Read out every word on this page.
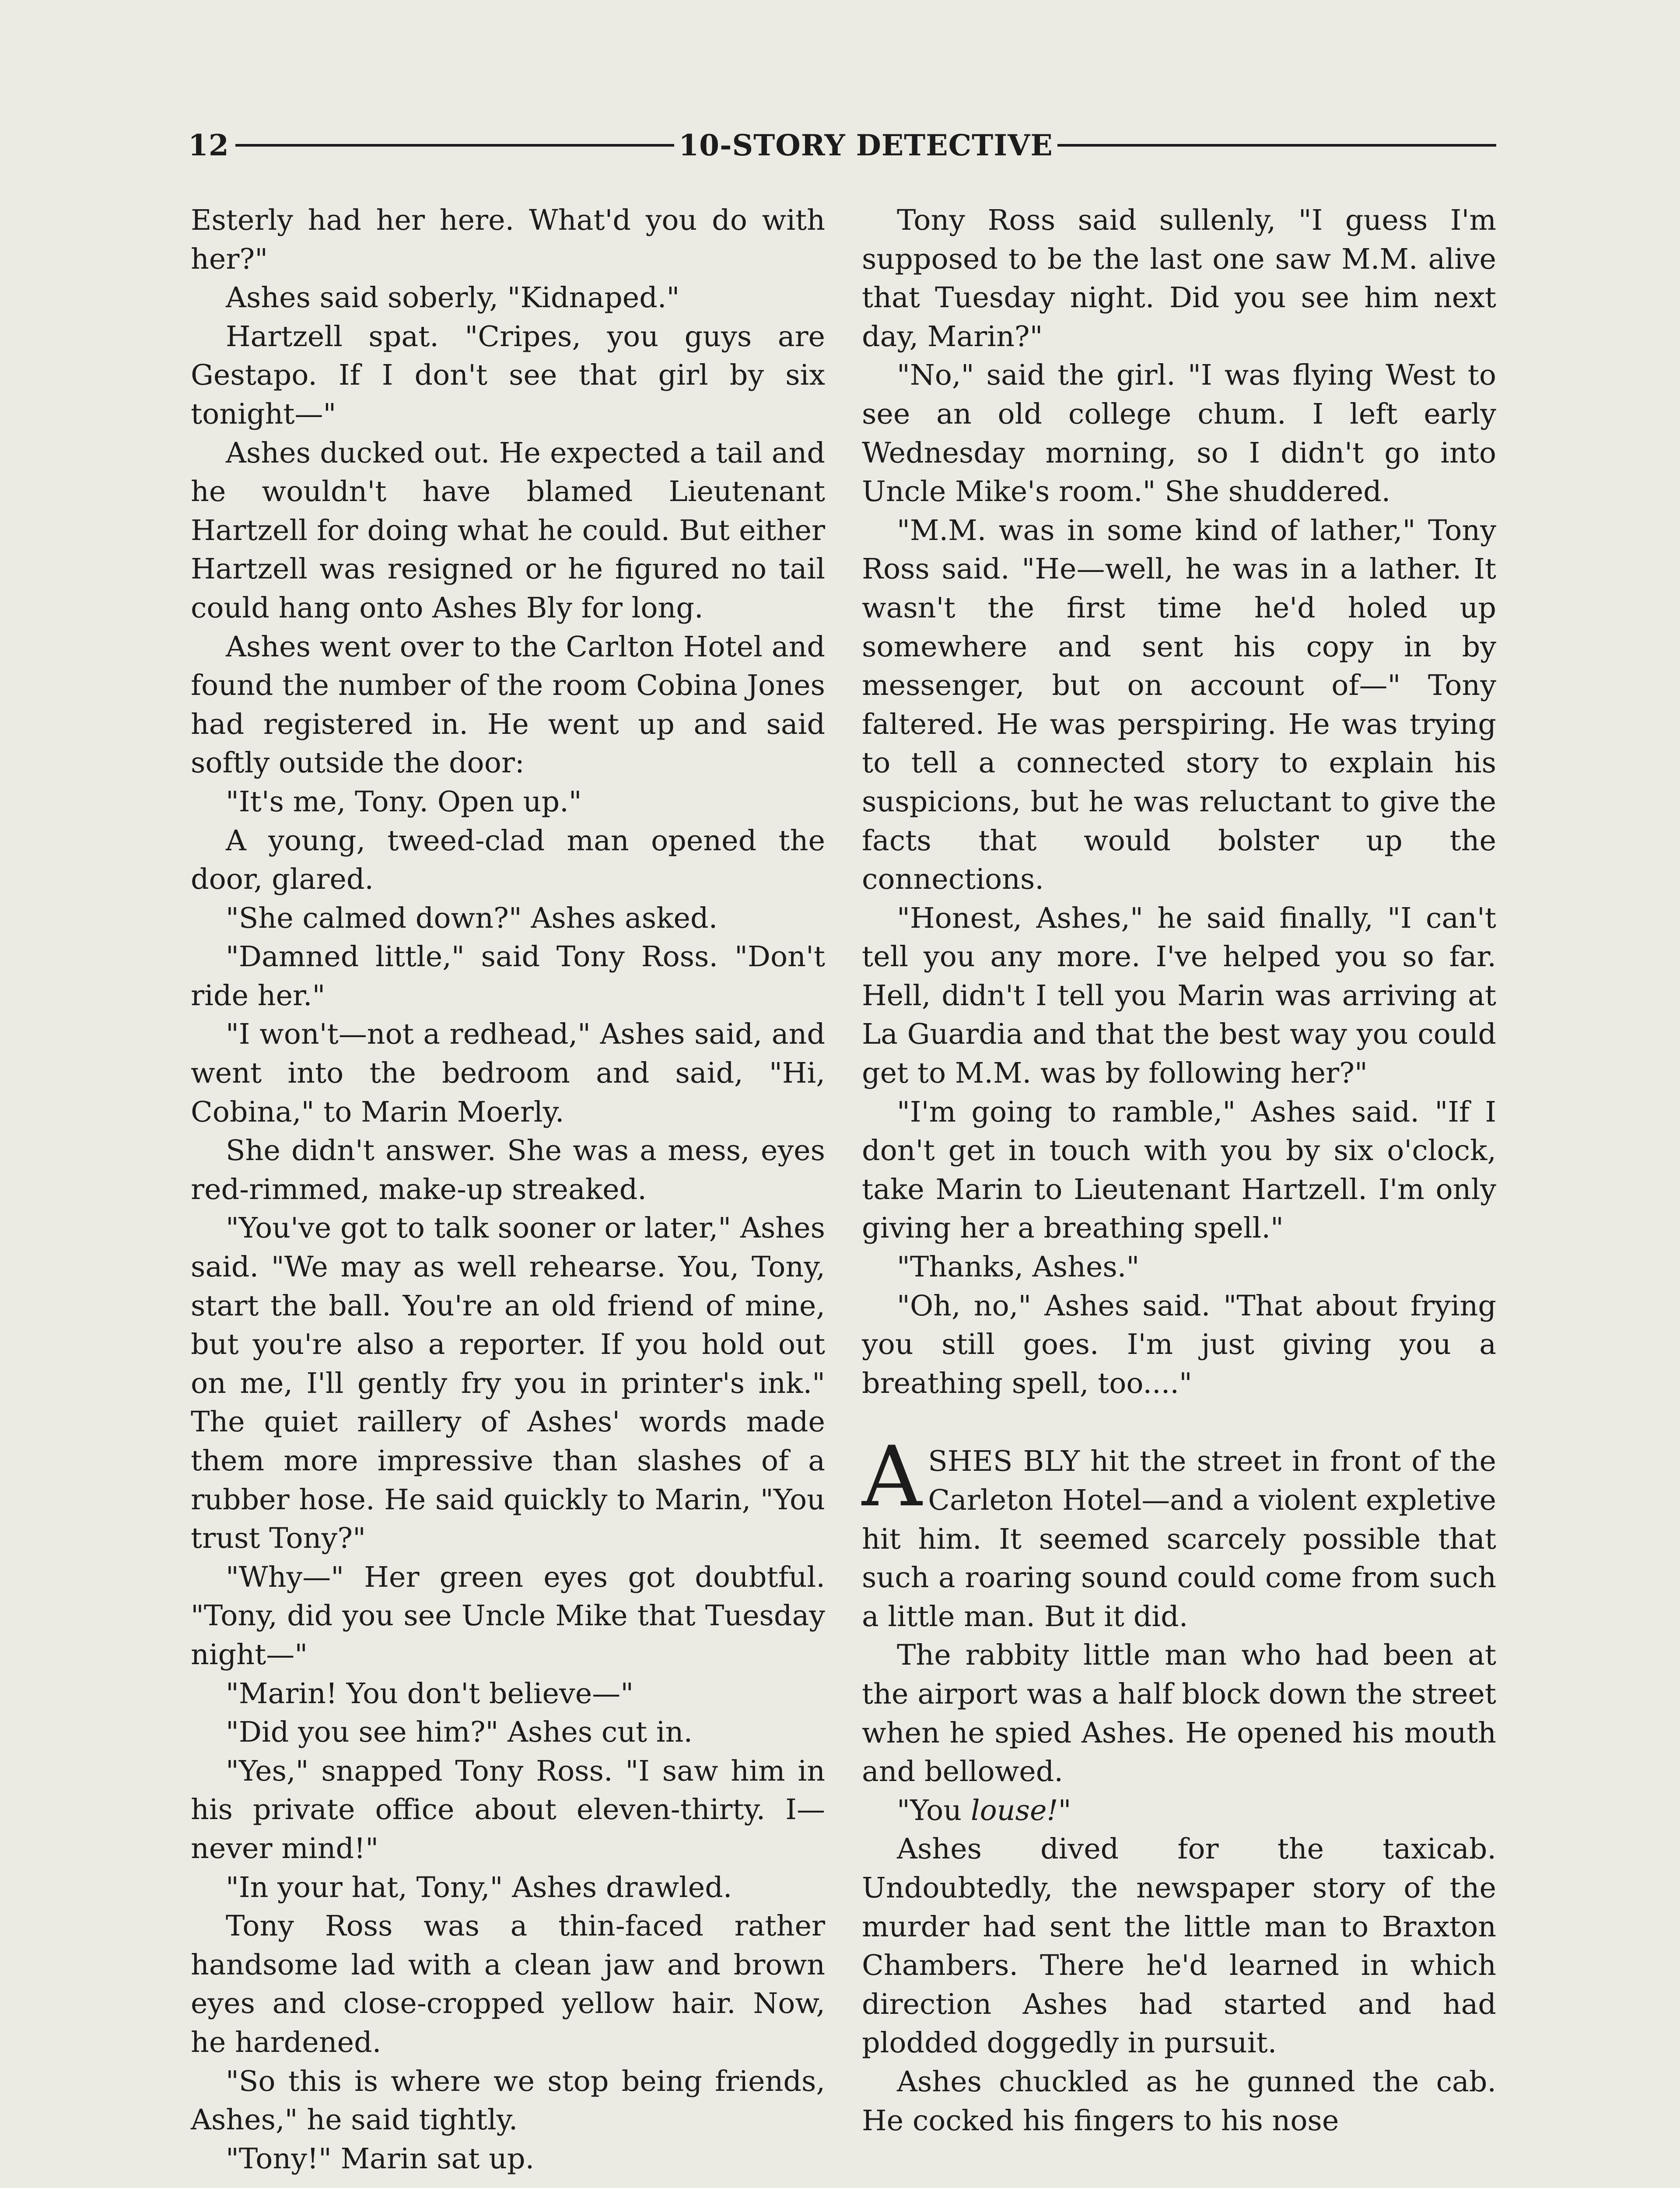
12	10-STORY DETECTIVE

Esterly had her here. What'd you do with her?"

Ashes said soberly, "Kidnaped."

Hartzell spat. "Cripes, you guys are Gestapo. If I don't see that girl by six tonight—"

Ashes ducked out. He expected a tail and he wouldn't have blamed Lieutenant Hartzell for doing what he could. But either Hartzell was resigned or he figured no tail could hang onto Ashes Bly for long.

Ashes went over to the Carlton Hotel and found the number of the room Cobina Jones had registered in. He went up and said softly outside the door:

"It's me, Tony. Open up."

A young, tweed-clad man opened the door, glared.

"She calmed down?" Ashes asked.

"Damned little," said Tony Ross. "Don't ride her."

"I won't—not a redhead," Ashes said, and went into the bedroom and said, "Hi, Cobina," to Marin Moerly.

She didn't answer. She was a mess, eyes red-rimmed, make-up streaked.

"You've got to talk sooner or later," Ashes said. "We may as well rehearse. You, Tony, start the ball. You're an old friend of mine, but you're also a reporter. If you hold out on me, I'll gently fry you in printer's ink." The quiet raillery of Ashes' words made them more impressive than slashes of a rubber hose. He said quickly to Marin, "You trust Tony?"

"Why—" Her green eyes got doubtful. "Tony, did you see Uncle Mike that Tuesday night—"

"Marin! You don't believe—"

"Did you see him?" Ashes cut in.

"Yes," snapped Tony Ross. "I saw him in his private office about eleven-thirty. I—never mind!"

"In your hat, Tony," Ashes drawled.

Tony Ross was a thin-faced rather handsome lad with a clean jaw and brown eyes and close-cropped yellow hair. Now, he hardened.

"So this is where we stop being friends, Ashes," he said tightly.

"Tony!" Marin sat up.

Tony Ross said sullenly, "I guess I'm supposed to be the last one saw M.M. alive that Tuesday night. Did you see him next day, Marin?"

"No," said the girl. "I was flying West to see an old college chum. I left early Wednesday morning, so I didn't go into Uncle Mike's room." She shuddered.

"M.M. was in some kind of lather," Tony Ross said. "He—well, he was in a lather. It wasn't the first time he'd holed up somewhere and sent his copy in by messenger, but on account of—" Tony faltered. He was perspiring. He was trying to tell a connected story to explain his suspicions, but he was reluctant to give the facts that would bolster up the connections.

"Honest, Ashes," he said finally, "I can't tell you any more. I've helped you so far. Hell, didn't I tell you Marin was arriving at La Guardia and that the best way you could get to M.M. was by following her?"

"I'm going to ramble," Ashes said. "If I don't get in touch with you by six o'clock, take Marin to Lieutenant Hartzell. I'm only giving her a breathing spell."

"Thanks, Ashes."

"Oh, no," Ashes said. "That about frying you still goes. I'm just giving you a breathing spell, too...."

ASHES BLY hit the street in front of the Carleton Hotel—and a violent expletive hit him. It seemed scarcely possible that such a roaring sound could come from such a little man. But it did.

The rabbity little man who had been at the airport was a half block down the street when he spied Ashes. He opened his mouth and bellowed.

"You louse!"

Ashes dived for the taxicab. Undoubtedly, the newspaper story of the murder had sent the little man to Braxton Chambers. There he'd learned in which direction Ashes had started and had plodded doggedly in pursuit.

Ashes chuckled as he gunned the cab. He cocked his fingers to his nose
